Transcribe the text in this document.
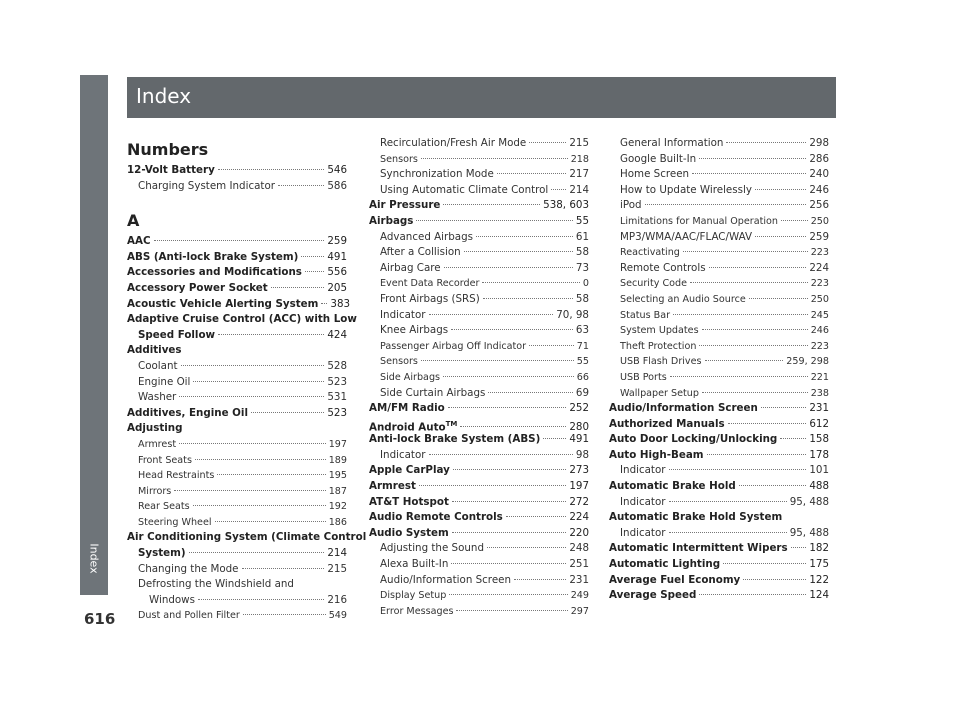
Index
616
Index
Numbers
12-Volt Battery	546
Charging System Indicator	586
A
AAC	259
ABS (Anti-lock Brake System)	491
Accessories and Modifications 556
Accessory Power Socket	205
Acoustic Vehicle Alerting System 383
Adaptive Cruise Control (ACC) with Low
Speed Follow	424
Additives
Coolant	528
Engine Oil	523
Washer	531
Additives, Engine Oil	523
Adjusting
Armrest	197
Front Seats	189
Head Restraints	195
Mirrors	187
Rear Seats	192
Steering Wheel	186
Air Conditioning System (Climate Control
System)	214
Changing the Mode	215
Defrosting the Windshield and
Windows	216
Dust and Pollen Filter	549
Recirculation/Fresh Air Mode	215
Sensors	218
Synchronization Mode	217
Using Automatic Climate Control 214
Air Pressure	538, 603
Airbags	55
Advanced Airbags	61
After a Collision	58
Airbag Care	73
Event Data Recorder	0
Front Airbags (SRS)	58
Indicator	70, 98
Knee Airbags	63
Passenger Airbag Off Indicator	71
Sensors	55
Side Airbags	66
Side Curtain Airbags	69
AM/FM Radio	252
Android Auto™	280
Anti-lock Brake System (ABS)	491
Indicator	98
Apple CarPlay	273
Armrest	197
AT&T Hotspot	272
Audio Remote Controls	224
Audio System	220
Adjusting the Sound	248
Alexa Built-In	251
Audio/Information Screen	231
Display Setup	249
Error Messages	297
General Information	298
Google Built-In	286
Home Screen	240
How to Update Wirelessly	246
iPod	256
Limitations for Manual Operation	250
MP3/WMA/AAC/FLAC/WAV	259
Reactivating	223
Remote Controls	224
Security Code	223
Selecting an Audio Source	250
Status Bar	245
System Updates	246
Theft Protection	223
USB Flash Drives	259, 298
USB Ports	221
Wallpaper Setup	238
Audio/Information Screen	231
Authorized Manuals	612
Auto Door Locking/Unlocking	158
Auto High-Beam	178
Indicator	101
Automatic Brake Hold	488
Indicator	95, 488
Automatic Brake Hold System
Indicator	95, 488
Automatic Intermittent Wipers 182
Automatic Lighting	175
Average Fuel Economy	122
Average Speed	124
